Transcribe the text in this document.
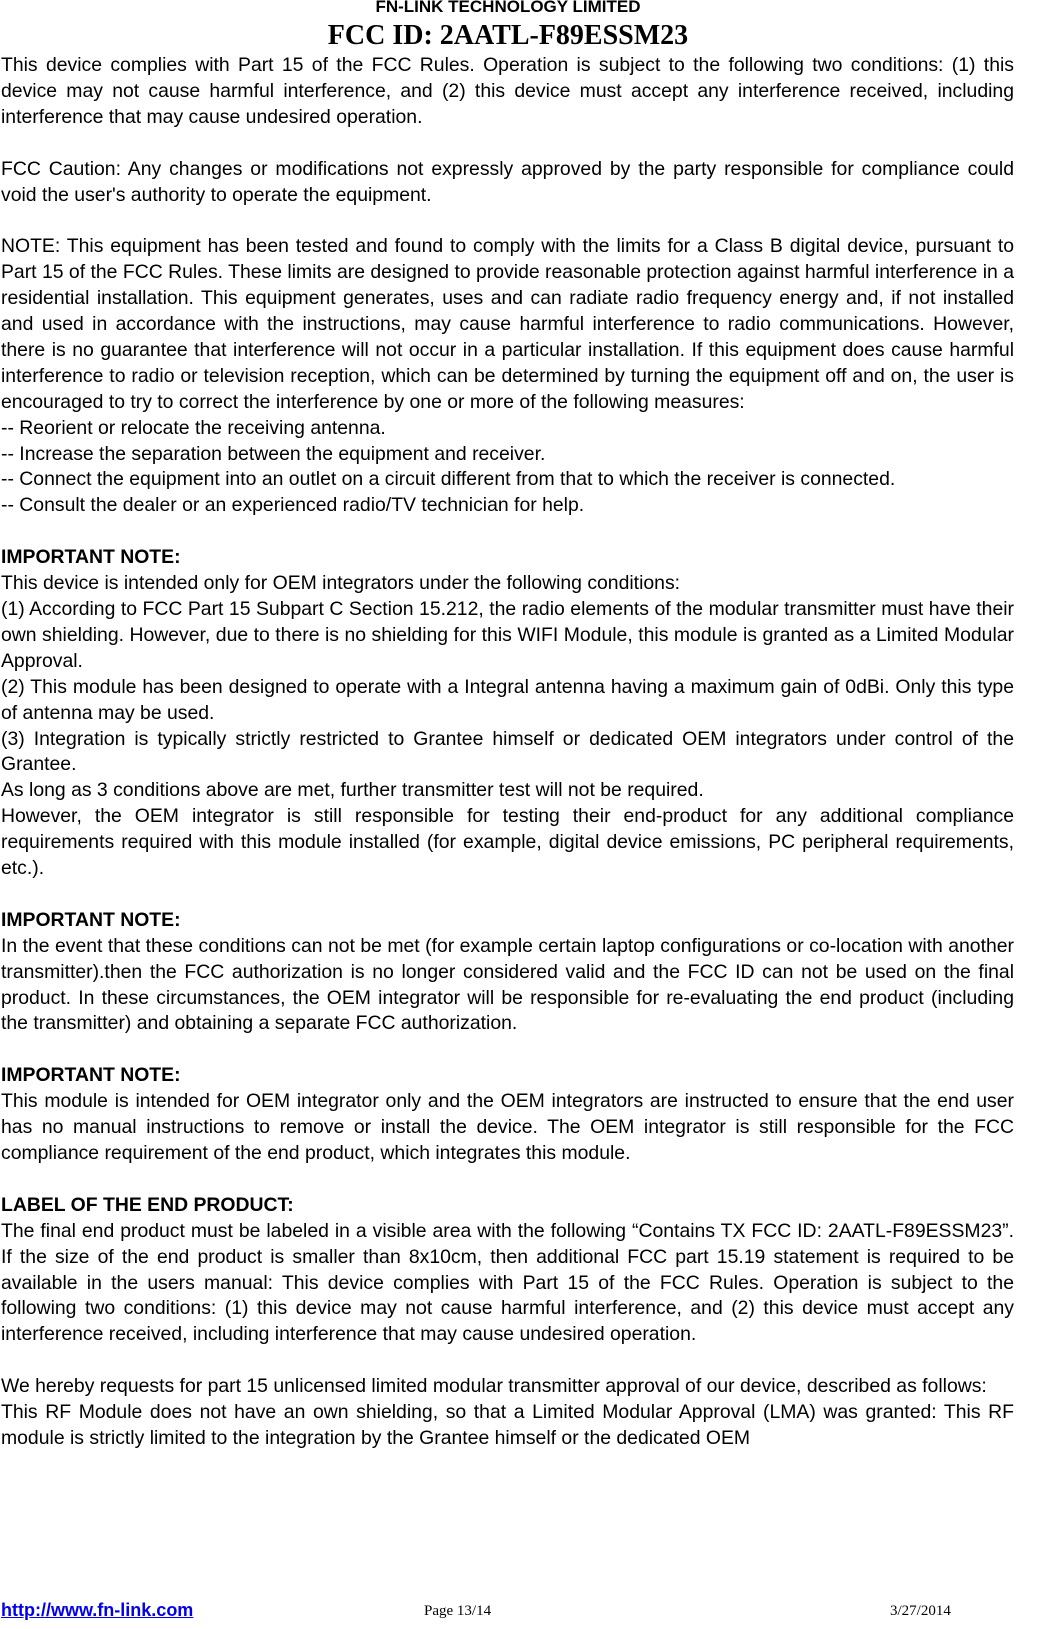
FN-LINK TECHNOLOGY LIMITED
FCC ID: 2AATL-F89ESSM23

This device complies with Part 15 of the FCC Rules. Operation is subject to the following two conditions: (1) this device may not cause harmful interference, and (2) this device must accept any interference received, including interference that may cause undesired operation.

FCC Caution: Any changes or modifications not expressly approved by the party responsible for compliance could void the user's authority to operate the equipment.

NOTE: This equipment has been tested and found to comply with the limits for a Class B digital device, pursuant to Part 15 of the FCC Rules. These limits are designed to provide reasonable protection against harmful interference in a residential installation. This equipment generates, uses and can radiate radio frequency energy and, if not installed and used in accordance with the instructions, may cause harmful interference to radio communications. However, there is no guarantee that interference will not occur in a particular installation. If this equipment does cause harmful interference to radio or television reception, which can be determined by turning the equipment off and on, the user is encouraged to try to correct the interference by one or more of the following measures:

-- Reorient or relocate the receiving antenna.

-- Increase the separation between the equipment and receiver.

-- Connect the equipment into an outlet on a circuit different from that to which the receiver is connected.

-- Consult the dealer or an experienced radio/TV technician for help.

IMPORTANT NOTE:

This device is intended only for OEM integrators under the following conditions:

(1) According to FCC Part 15 Subpart C Section 15.212, the radio elements of the modular transmitter must have their own shielding. However, due to there is no shielding for this WIFI Module, this module is granted as a Limited Modular Approval.

(2) This module has been designed to operate with a Integral antenna having a maximum gain of 0dBi. Only this type of antenna may be used.

(3) Integration is typically strictly restricted to Grantee himself or dedicated OEM integrators under control of the Grantee.

As long as 3 conditions above are met, further transmitter test will not be required.

However, the OEM integrator is still responsible for testing their end-product for any additional compliance requirements required with this module installed (for example, digital device emissions, PC peripheral requirements, etc.).

IMPORTANT NOTE:

In the event that these conditions can not be met (for example certain laptop configurations or co-location with another transmitter).then the FCC authorization is no longer considered valid and the FCC ID can not be used on the final product. In these circumstances, the OEM integrator will be responsible for re-evaluating the end product (including the transmitter) and obtaining a separate FCC authorization.

IMPORTANT NOTE:

This module is intended for OEM integrator only and the OEM integrators are instructed to ensure that the end user has no manual instructions to remove or install the device. The OEM integrator is still responsible for the FCC compliance requirement of the end product, which integrates this module.

LABEL OF THE END PRODUCT:

The final end product must be labeled in a visible area with the following “Contains TX FCC ID: 2AATL-F89ESSM23”. If the size of the end product is smaller than 8x10cm, then additional FCC part 15.19 statement is required to be available in the users manual: This device complies with Part 15 of the FCC Rules. Operation is subject to the following two conditions: (1) this device may not cause harmful interference, and (2) this device must accept any interference received, including interference that may cause undesired operation.

We hereby requests for part 15 unlicensed limited modular transmitter approval of our device, described as follows:

This RF Module does not have an own shielding, so that a Limited Modular Approval (LMA) was granted: This RF module is strictly limited to the integration by the Grantee himself or the dedicated OEM

http://www.fn-link.com	Page 13/14	3/27/2014
